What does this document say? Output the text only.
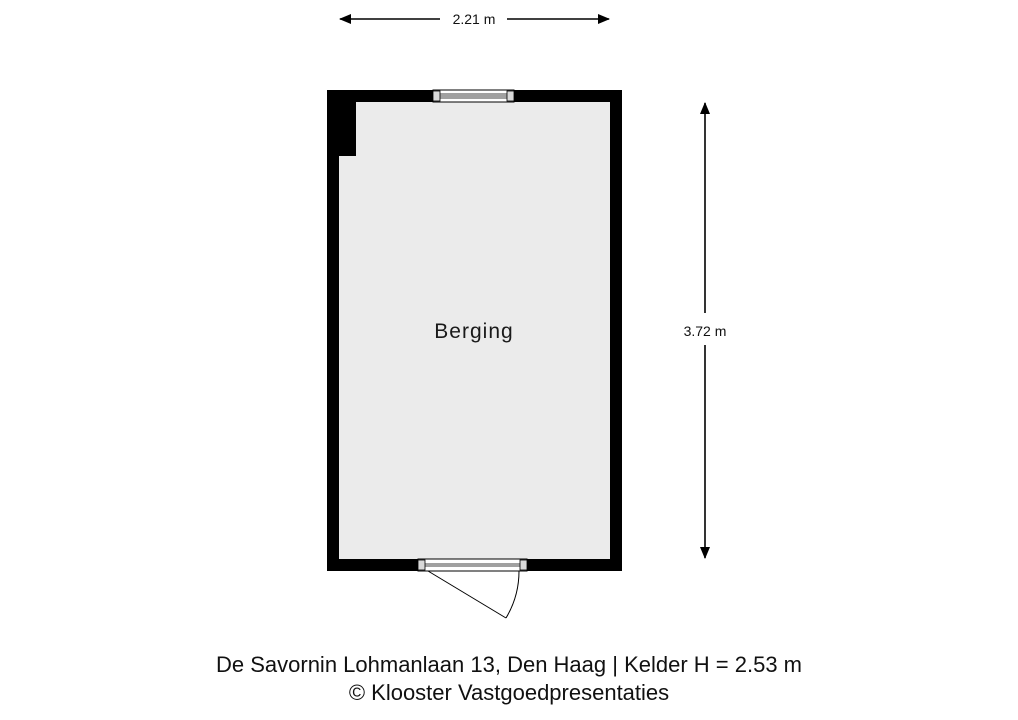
2.21 m
3.72 m
Berging
De Savornin Lohmanlaan 13, Den Haag | Kelder H = 2.53 m
© Klooster Vastgoedpresentaties
